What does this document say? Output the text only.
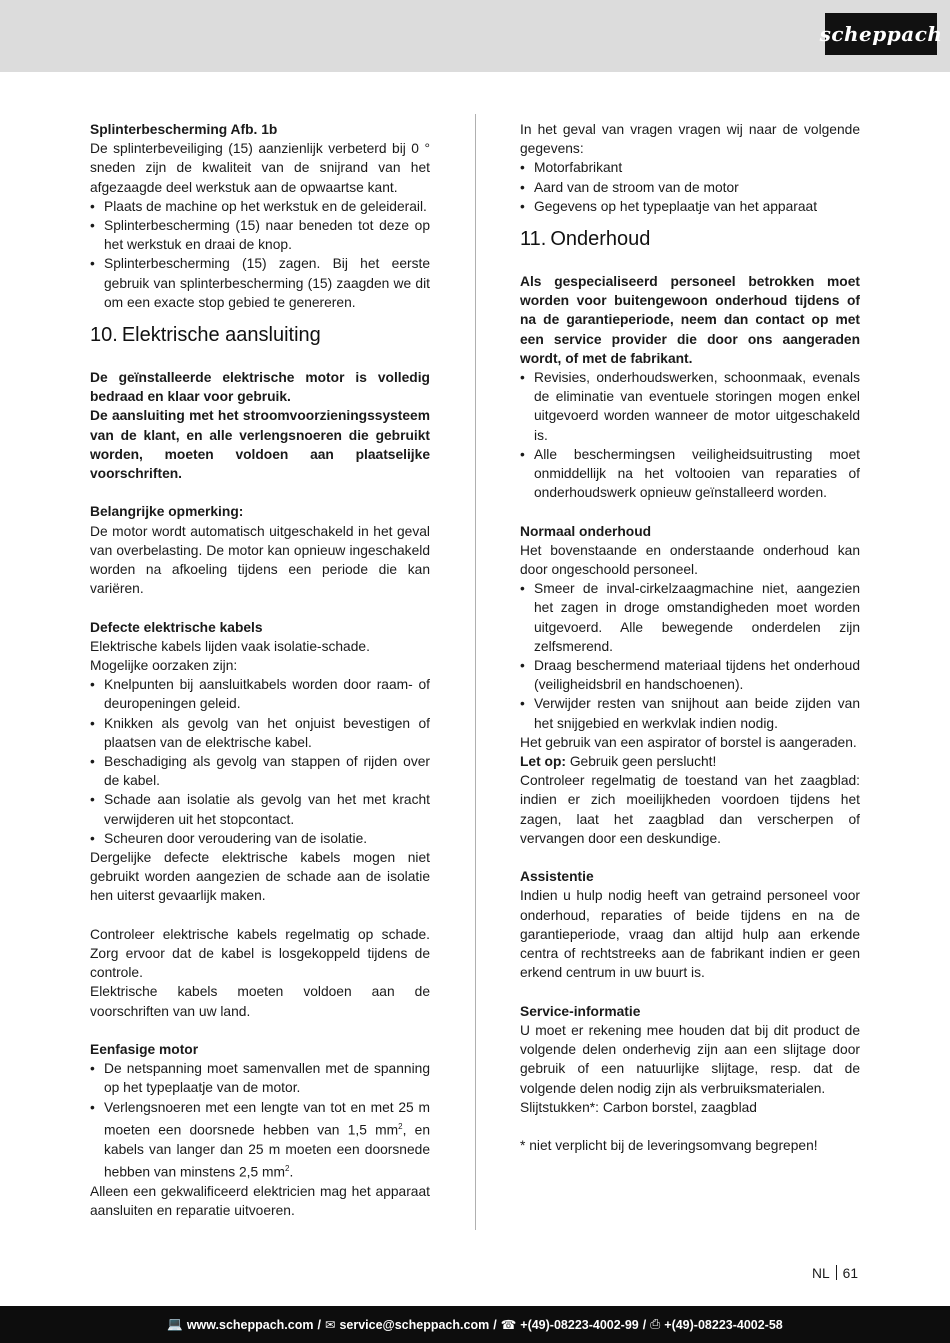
scheppach

Splinterbescherming Afb. 1b

De splinterbeveiliging (15) aanzienlijk verbeterd bij 0 ° sneden zijn de kwaliteit van de snijrand van het afgezaagde deel werkstuk aan de opwaartse kant.

• Plaats de machine op het werkstuk en de geleiderail.
• Splinterbescherming (15) naar beneden tot deze op het werkstuk en draai de knop.
• Splinterbescherming (15) zagen. Bij het eerste gebruik van splinterbescherming (15) zaagden we dit om een exacte stop gebied te genereren.
10. Elektrische aansluiting

De geïnstalleerde elektrische motor is volledig bedraad en klaar voor gebruik.

De aansluiting met het stroomvoorzieningssysteem van de klant, en alle verlengsnoeren die gebruikt worden, moeten voldoen aan plaatselijke voorschriften.

Belangrijke opmerking:

De motor wordt automatisch uitgeschakeld in het geval van overbelasting. De motor kan opnieuw ingeschakeld worden na afkoeling tijdens een periode die kan variëren.

Defecte elektrische kabels

Elektrische kabels lijden vaak isolatie-schade.

Mogelijke oorzaken zijn:

• Knelpunten bij aansluitkabels worden door raam- of deuropeningen geleid.
• Knikken als gevolg van het onjuist bevestigen of plaatsen van de elektrische kabel.
• Beschadiging als gevolg van stappen of rijden over de kabel.
• Schade aan isolatie als gevolg van het met kracht verwijderen uit het stopcontact.
• Scheuren door veroudering van de isolatie.

Dergelijke defecte elektrische kabels mogen niet gebruikt worden aangezien de schade aan de isolatie hen uiterst gevaarlijk maken.

Controleer elektrische kabels regelmatig op schade. Zorg ervoor dat de kabel is losgekoppeld tijdens de controle.

Elektrische kabels moeten voldoen aan de voorschriften van uw land.

Eenfasige motor

• De netspanning moet samenvallen met de spanning op het typeplaatje van de motor.
• Verlengsnoeren met een lengte van tot en met 25 m moeten een doorsnede hebben van 1,5 $mm^2$, en kabels van langer dan 25 m moeten een doorsnede hebben van minstens 2,5 $mm^2$.

Alleen een gekwalificeerd elektricien mag het apparaat aansluiten en reparatie uitvoeren.

In het geval van vragen vragen wij naar de volgende gegevens:

• Motorfabrikant
• Aard van de stroom van de motor
• Gegevens op het typeplaatje van het apparaat
11. Onderhoud

Als gespecialiseerd personeel betrokken moet worden voor buitengewoon onderhoud tijdens of na de garantieperiode, neem dan contact op met een service provider die door ons aangeraden wordt, of met de fabrikant.

• Revisies, onderhoudswerken, schoonmaak, evenals de eliminatie van eventuele storingen mogen enkel uitgevoerd worden wanneer de motor uitgeschakeld is.
• Alle beschermingsen veiligheidsuitrusting moet onmiddellijk na het voltooien van reparaties of onderhoudswerk opnieuw geïnstalleerd worden.

Normaal onderhoud

Het bovenstaande en onderstaande onderhoud kan door ongeschoold personeel.

• Smeer de inval-cirkelzaagmachine niet, aangezien het zagen in droge omstandigheden moet worden uitgevoerd. Alle bewegende onderdelen zijn zelfsmerend.
• Draag beschermend materiaal tijdens het onderhoud (veiligheidsbril en handschoenen).
• Verwijder resten van snijhout aan beide zijden van het snijgebied en werkvlak indien nodig.

Het gebruik van een aspirator of borstel is aangeraden.

Let op: Gebruik geen perslucht!

Controleer regelmatig de toestand van het zaagblad: indien er zich moeilijkheden voordoen tijdens het zagen, laat het zaagblad dan verscherpen of vervangen door een deskundige.

Assistentie

Indien u hulp nodig heeft van getraind personeel voor onderhoud, reparaties of beide tijdens en na de garantieperiode, vraag dan altijd hulp aan erkende centra of rechtstreeks aan de fabrikant indien er geen erkend centrum in uw buurt is.

Service-informatie

U moet er rekening mee houden dat bij dit product de volgende delen onderhevig zijn aan een slijtage door gebruik of een natuurlijke slijtage, resp. dat de volgende delen nodig zijn als verbruiksmaterialen.

Slijtstukken*: Carbon borstel, zaagblad

* niet verplicht bij de leveringsomvang begrepen!

NL 61
💻 www.scheppach.com / ✉ service@scheppach.com / ☎ +(49)-08223-4002-99 / ⎙ +(49)-08223-4002-58
